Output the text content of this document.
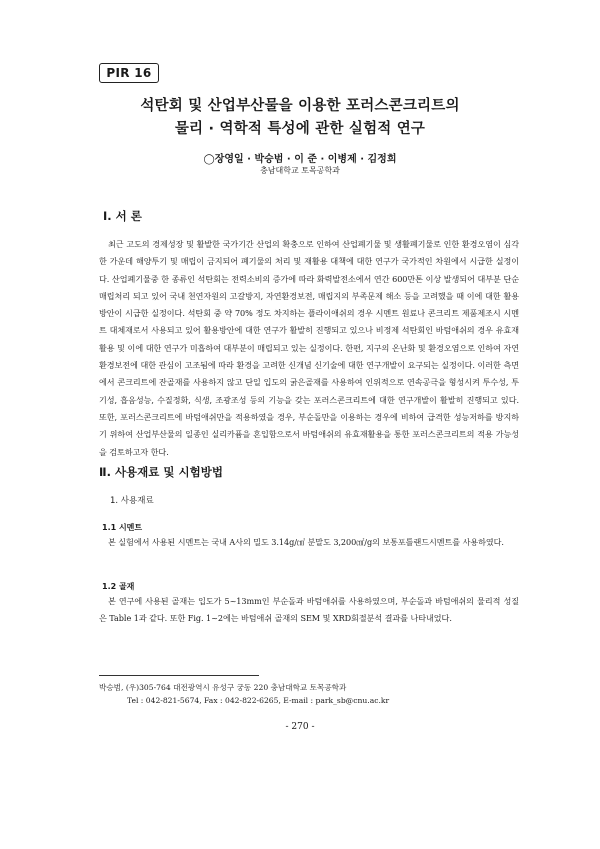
PIR 16
석탄회 및 산업부산물을 이용한 포러스콘크리트의
물리 · 역학적 특성에 관한 실험적 연구
◯장영일 · 박승범 · 이 준 · 이병제 · 김정희
충남대학교 토목공학과
Ⅰ. 서 론
최근 고도의 경제성장 및 활발한 국가기간 산업의 확충으로 인하여 산업폐기물 및 생활폐기물로 인한 환경오염이 심각한 가운데 해양투기 및 매립이 금지되어 폐기물의 처리 및 재활용 대책에 대한 연구가 국가적인 차원에서 시급한 실정이다. 산업폐기물중 한 종류인 석탄회는 전력소비의 증가에 따라 화력발전소에서 연간 600만톤 이상 발생되어 대부분 단순 매립처리 되고 있어 국내 천연자원의 고갈방지, 자연환경보전, 매립지의 부족문제 해소 등을 고려했을 때 이에 대한 활용방안이 시급한 실정이다. 석탄회 중 약 70% 정도 차지하는 플라이애쉬의 경우 시멘트 원료나 콘크리트 제품제조시 시멘트 대체재로서 사용되고 있어 활용방안에 대한 연구가 활발히 진행되고 있으나 비정제 석탄회인 바텀애쉬의 경우 유효재활용 및 이에 대한 연구가 미흡하여 대부분이 매립되고 있는 실정이다. 한편, 지구의 온난화 및 환경오염으로 인하여 자연환경보전에 대한 관심이 고조됨에 따라 환경을 고려한 신개념 신기술에 대한 연구개발이 요구되는 실정이다. 이러한 측면에서 콘크리트에 잔골재를 사용하지 않고 단일 입도의 굵은골재를 사용하여 인위적으로 연속공극을 형성시켜 투수성, 투기성, 흡음성능, 수질정화, 식생, 조광조성 등의 기능을 갖는 포러스콘크리트에 대한 연구개발이 활발히 진행되고 있다. 또한, 포러스콘크리트에 바텀애쉬만을 적용하였을 경우, 부순돌만을 이용하는 경우에 비하여 급격한 성능저하를 방지하기 위하여 산업부산물의 일종인 실리카퓸을 혼입함으로서 바텀애쉬의 유효재활용을 통한 포러스콘크리트의 적용 가능성을 검토하고자 한다.
Ⅱ. 사용재료 및 시험방법
1. 사용재료
1.1 시멘트
본 실험에서 사용된 시멘트는 국내 A사의 밀도 3.14g/㎤ 분말도 3,200㎠/g의 보통포틀랜드시멘트를 사용하였다.
1.2 골재
본 연구에 사용된 골재는 입도가 5~13mm인 부순돌과 바텀애쉬를 사용하였으며, 부순돌과 바텀애쉬의 물리적 성질은 Table 1과 같다. 또한 Fig. 1~2에는 바텀애쉬 골재의 SEM 및 XRD회절분석 결과를 나타내었다.
박승범, (우)305-764 대전광역시 유성구 궁동 220 충남대학교 토목공학과
Tel : 042-821-5674, Fax : 042-822-6265, E-mail : park_sb@cnu.ac.kr
- 270 -
